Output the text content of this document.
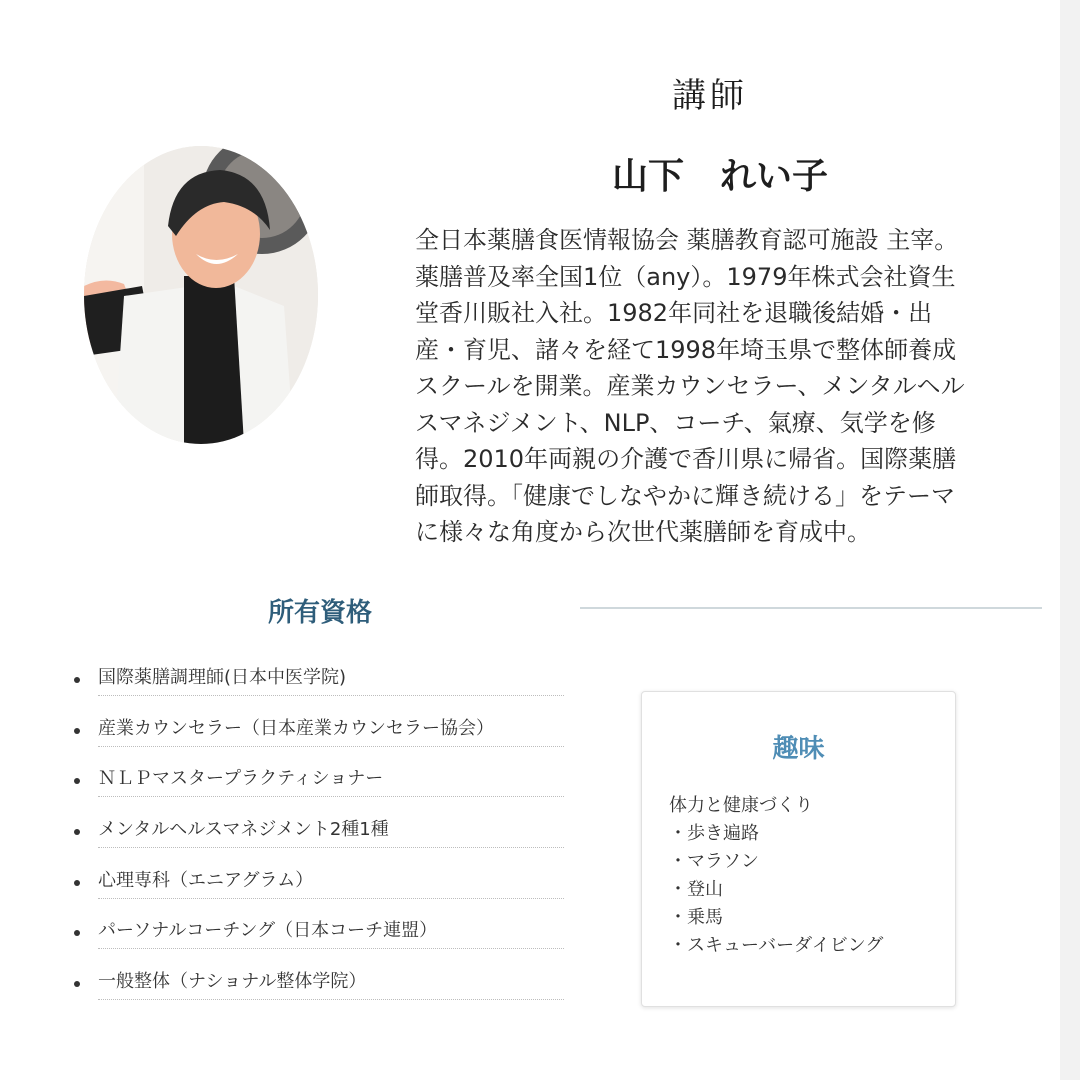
講師
山下　れい子
全日本薬膳食医情報協会 薬膳教育認可施設 主宰。
薬膳普及率全国1位（any）。1979年株式会社資生
堂香川販社入社。1982年同社を退職後結婚・出
産・育児、諸々を経て1998年埼玉県で整体師養成
スクールを開業。産業カウンセラー、メンタルヘル
スマネジメント、NLP、コーチ、氣療、気学を修
得。2010年両親の介護で香川県に帰省。国際薬膳
師取得。「健康でしなやかに輝き続ける」をテーマ
に様々な角度から次世代薬膳師を育成中。
所有資格
国際薬膳調理師(日本中医学院)
産業カウンセラー（日本産業カウンセラー協会）
ＮＬＰマスタープラクティショナー
メンタルヘルスマネジメント2種1種
心理専科（エニアグラム）
パーソナルコーチング（日本コーチ連盟）
一般整体（ナショナル整体学院）
趣味
体力と健康づくり
・歩き遍路
・マラソン
・登山
・乗馬
・スキューバーダイビング
